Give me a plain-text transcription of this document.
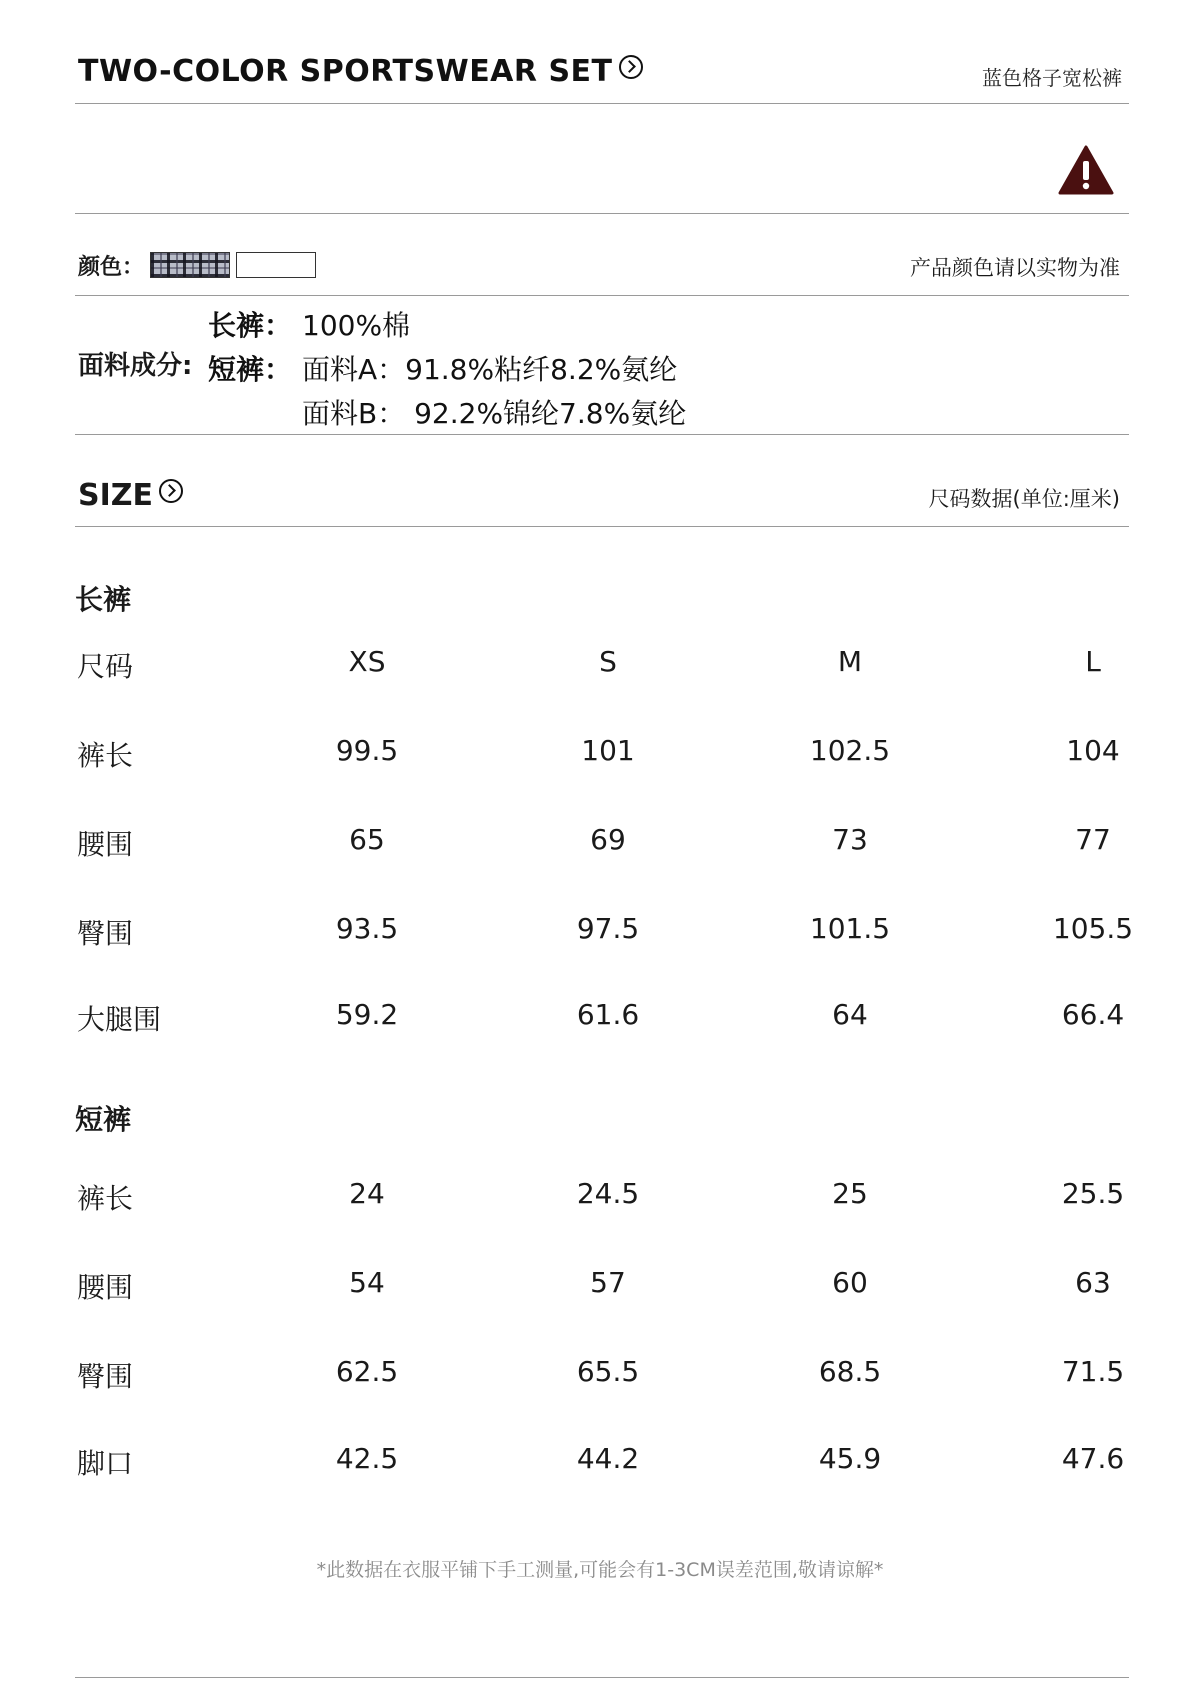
TWO-COLOR SPORTSWEAR SET	蓝色格子宽松裤
颜色：	产品颜色请以实物为准
长裤： 100%棉
面料成分: 短裤： 面料A：91.8%粘纤8.2%氨纶
面料B： 92.2%锦纶7.8%氨纶
SIZE	尺码数据(单位:厘米)
长裤
尺码	XS	S	M	L
裤长	99.5	101	102.5	104
腰围	65	69	73	77
臀围	93.5	97.5	101.5	105.5
大腿围	59.2	61.6	64	66.4
短裤
裤长	24	24.5	25	25.5
腰围	54	57	60	63
臀围	62.5	65.5	68.5	71.5
脚口	42.5	44.2	45.9	47.6
*此数据在衣服平铺下手工测量,可能会有1-3CM误差范围,敬请谅解*
